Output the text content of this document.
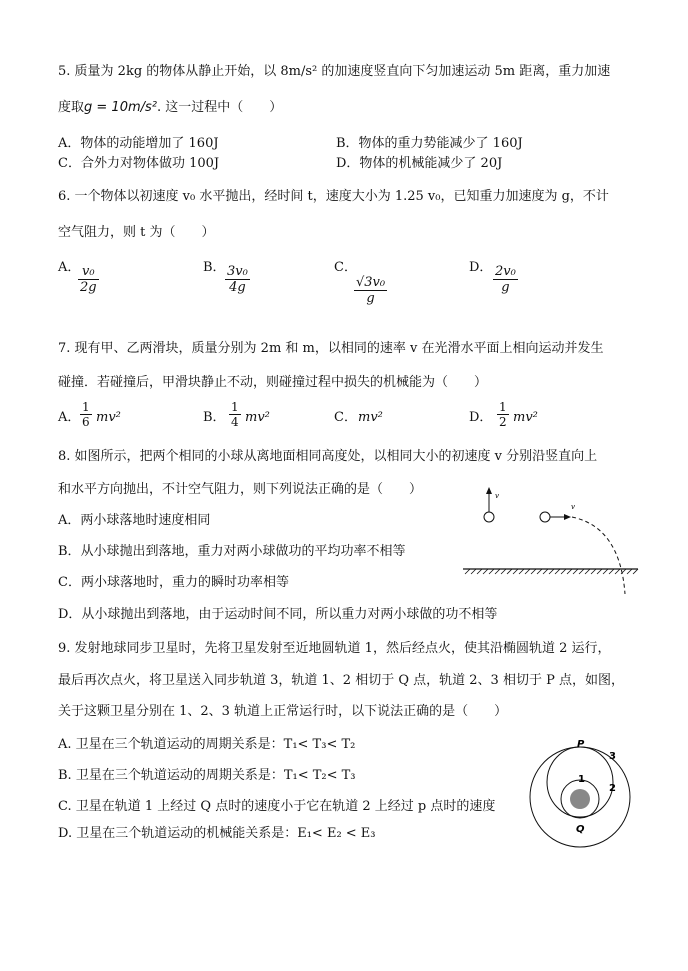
5. 质量为 2kg 的物体从静止开始，以 8m/s² 的加速度竖直向下匀加速运动 5m 距离，重力加速
度取g = 10m/s². 这一过程中（　　）
A．物体的动能增加了 160J	B．物体的重力势能减少了 160J
C．合外力对物体做功 100J	D．物体的机械能减少了 20J
6. 一个物体以初速度 v₀ 水平抛出，经时间 t，速度大小为 1.25 v₀，已知重力加速度为 g，不计
空气阻力，则 t 为（　　）
A． v₀
2g
B． 3v₀
4g
C．
√3v₀
g
D． 2v₀
g
7. 现有甲、乙两滑块，质量分别为 2m 和 m，以相同的速率 v 在光滑水平面上相向运动并发生
碰撞．若碰撞后，甲滑块静止不动，则碰撞过程中损失的机械能为（　　）
A．
1
6 mv²	B．
1
4 mv²	C． mv²	D．
1
2 mv²
8. 如图所示，把两个相同的小球从离地面相同高度处，以相同大小的初速度 v 分别沿竖直向上
和水平方向抛出，不计空气阻力，则下列说法正确的是（　　）
A．两小球落地时速度相同
B．从小球抛出到落地，重力对两小球做功的平均功率不相等
C．两小球落地时，重力的瞬时功率相等
D．从小球抛出到落地，由于运动时间不同，所以重力对两小球做的功不相等
v
v
9. 发射地球同步卫星时，先将卫星发射至近地圆轨道 1，然后经点火，使其沿椭圆轨道 2 运行，
最后再次点火，将卫星送入同步轨道 3，轨道 1、2 相切于 Q 点，轨道 2、3 相切于 P 点，如图，
关于这颗卫星分别在 1、2、3 轨道上正常运行时，以下说法正确的是（　　）
A. 卫星在三个轨道运动的周期关系是：T₁< T₃< T₂
B. 卫星在三个轨道运动的周期关系是：T₁< T₂< T₃
C. 卫星在轨道 1 上经过 Q 点时的速度小于它在轨道 2 上经过 p 点时的速度
D. 卫星在三个轨道运动的机械能关系是：E₁< E₂ < E₃
P
Q
1
2
3
